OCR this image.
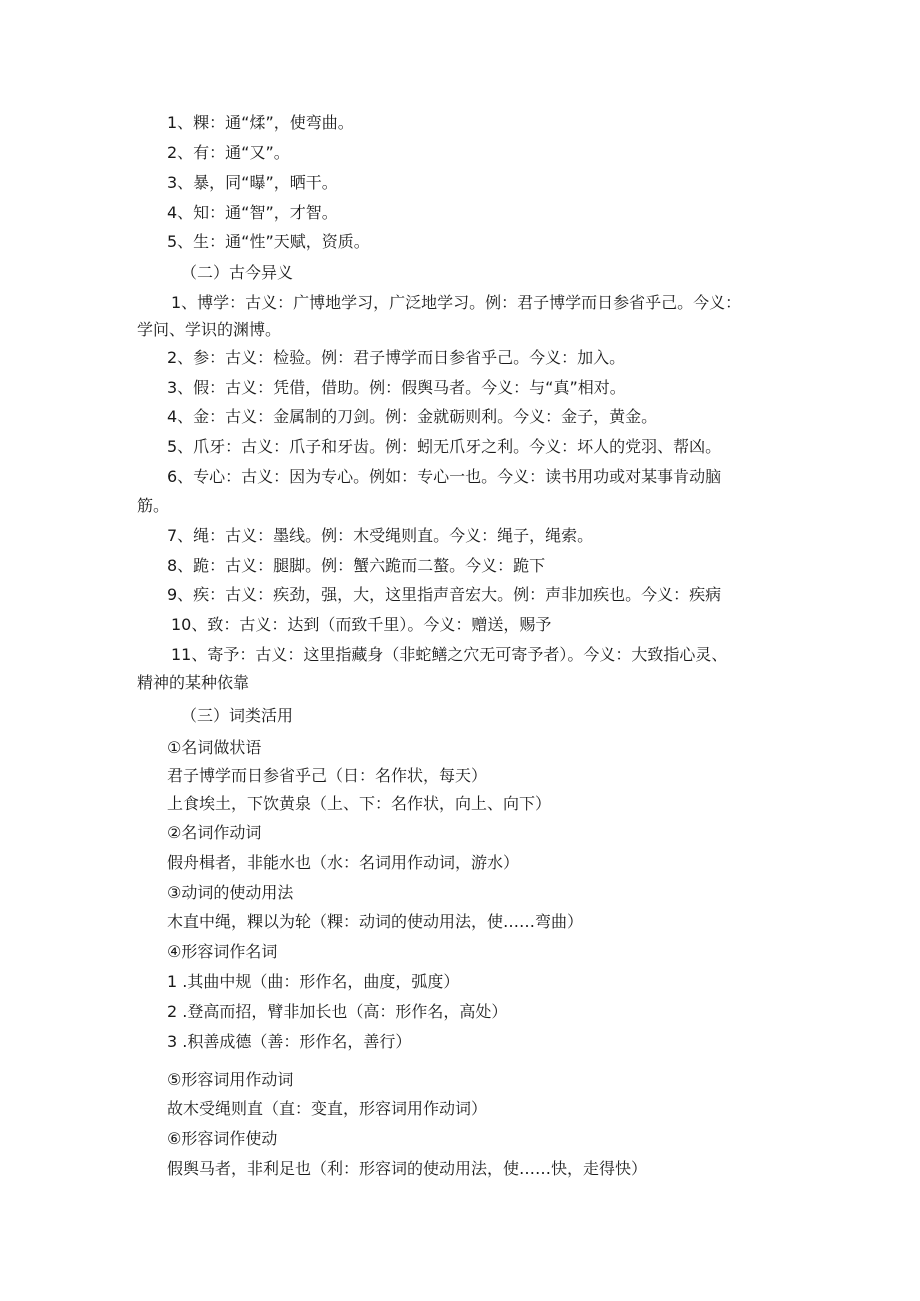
1、粿：通“煣”，使弯曲。
2、有：通“又”。
3、暴，同“曝”，晒干。
4、知：通“智”，才智。
5、生：通“性”天赋，资质。
（二）古今异义
1、博学：古义：广博地学习，广泛地学习。例：君子博学而日参省乎己。今义：
学问、学识的渊博。
2、参：古义：检验。例：君子博学而日参省乎己。今义：加入。
3、假：古义：凭借，借助。例：假舆马者。今义：与“真”相对。
4、金：古义：金属制的刀剑。例：金就砺则利。今义：金子，黄金。
5、爪牙：古义：爪子和牙齿。例：蚓无爪牙之利。今义：坏人的党羽、帮凶。
6、专心：古义：因为专心。例如：专心一也。今义：读书用功或对某事肯动脑
筋。
7、绳：古义：墨线。例：木受绳则直。今义：绳子，绳索。
8、跪：古义：腿脚。例：蟹六跪而二螯。今义：跪下
9、疾：古义：疾劲，强，大，这里指声音宏大。例：声非加疾也。今义：疾病
10、致：古义：达到（而致千里）。今义：赠送，赐予
11、寄予：古义：这里指藏身（非蛇鳝之穴无可寄予者）。今义：大致指心灵、
精神的某种依靠
（三）词类活用
①名词做状语
君子博学而日参省乎己（日：名作状，每天）
上食埃土，下饮黄泉（上、下：名作状，向上、向下）
②名词作动词
假舟楫者，非能水也（水：名词用作动词，游水）
③动词的使动用法
木直中绳，粿以为轮（粿：动词的使动用法，使……弯曲）
④形容词作名词
1 .其曲中规（曲：形作名，曲度，弧度）
2 .登高而招，臂非加长也（高：形作名，高处）
3 .积善成德（善：形作名，善行）
⑤形容词用作动词
故木受绳则直（直：变直，形容词用作动词）
⑥形容词作使动
假舆马者，非利足也（利：形容词的使动用法，使……快，走得快）
